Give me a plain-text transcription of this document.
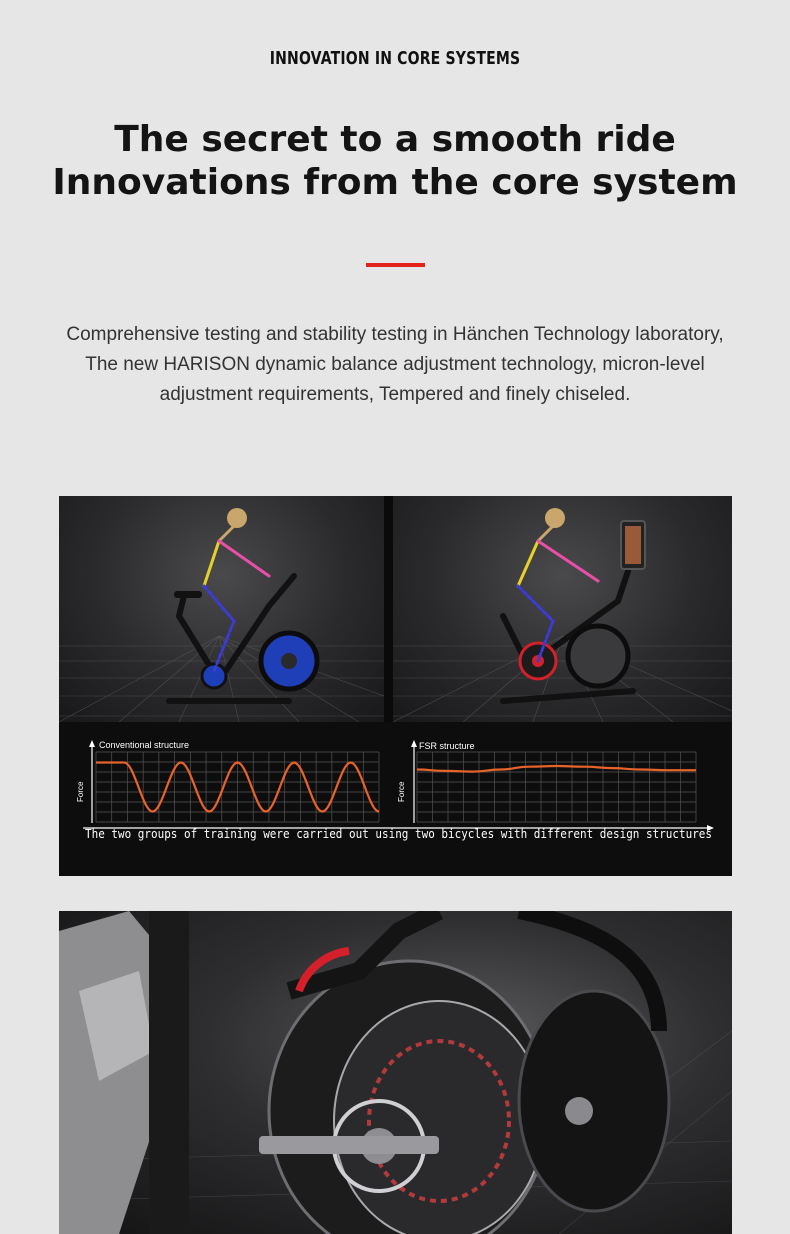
INNOVATION IN CORE SYSTEMS
The secret to a smooth ride
Innovations from the core system
Comprehensive testing and stability testing in Hänchen Technology laboratory,
The new HARISON dynamic balance adjustment technology, micron-level
adjustment requirements, Tempered and finely chiseled.
Conventional structure	FSR structure
Force	Force
The two groups of training were carried out using two bicycles with different design structures
